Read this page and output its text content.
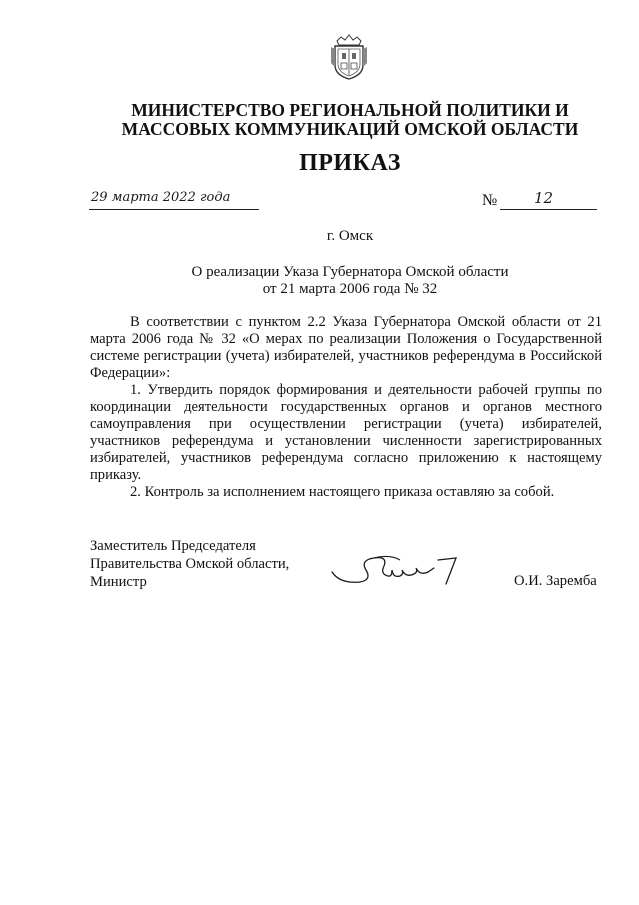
МИНИСТЕРСТВО РЕГИОНАЛЬНОЙ ПОЛИТИКИ И
МАССОВЫХ КОММУНИКАЦИЙ ОМСКОЙ ОБЛАСТИ
ПРИКАЗ
29 марта 2022 года	№ 12
г. Омск
О реализации Указа Губернатора Омской области
от 21 марта 2006 года № 32

В соответствии с пунктом 2.2 Указа Губернатора Омской области от 21 марта 2006 года № 32 «О мерах по реализации Положения о Государственной системе регистрации (учета) избирателей, участников референдума в Российской Федерации»:

1. Утвердить порядок формирования и деятельности рабочей группы по координации деятельности государственных органов и органов местного самоуправления при осуществлении регистрации (учета) избирателей, участников референдума и установлении численности зарегистрированных избирателей, участников референдума согласно приложению к настоящему приказу.

2. Контроль за исполнением настоящего приказа оставляю за собой.

Заместитель Председателя
Правительства Омской области,
Министр	О.И. Заремба
